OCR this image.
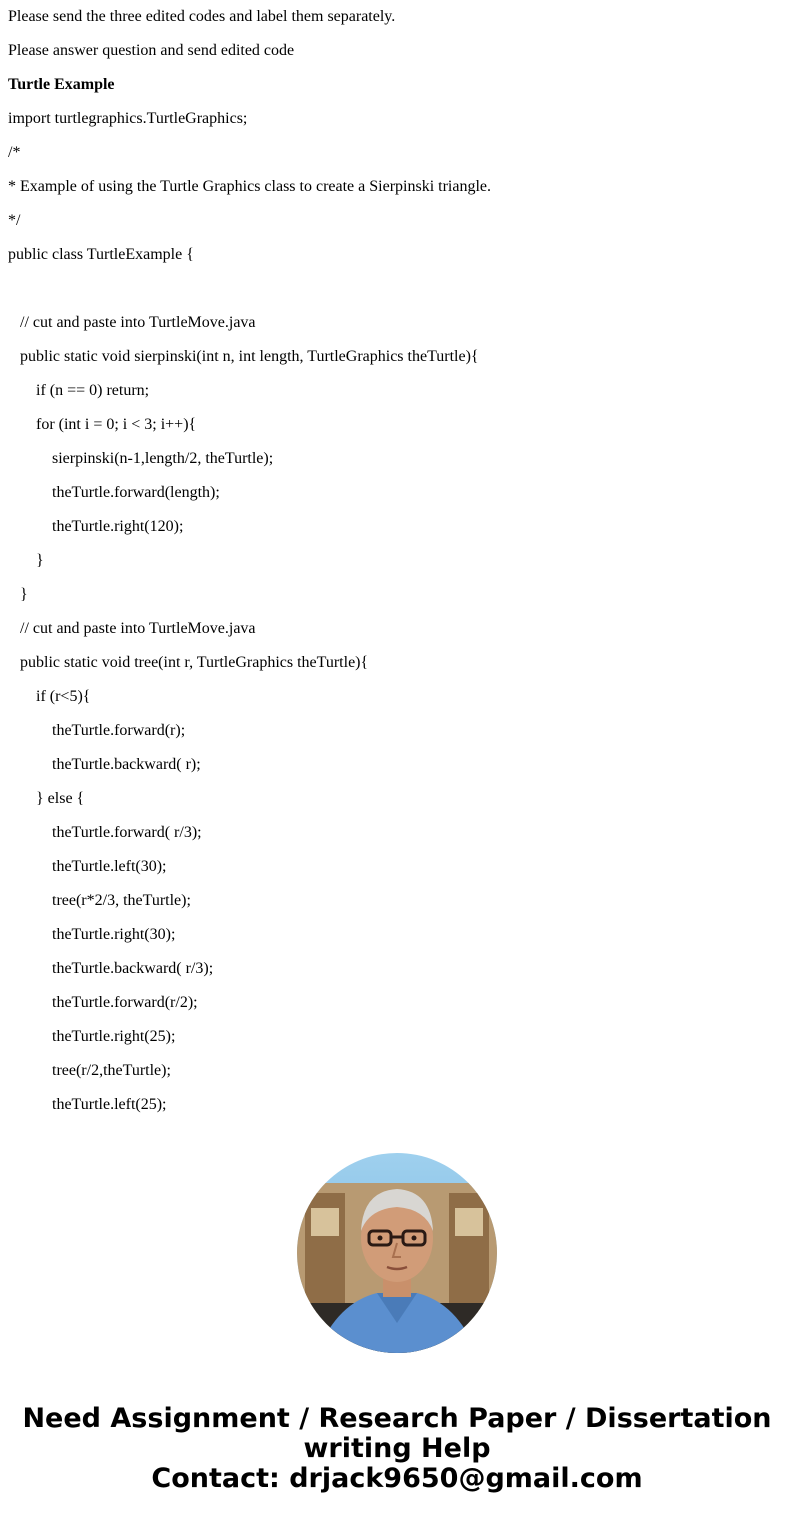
Please send the three edited codes and label them separately.
Please answer question and send edited code
Turtle Example
import turtlegraphics.TurtleGraphics;
/*
* Example of using the Turtle Graphics class to create a Sierpinski triangle.
*/
public class TurtleExample {
// cut and paste into TurtleMove.java
public static void sierpinski(int n, int length, TurtleGraphics theTurtle){
if (n == 0) return;
for (int i = 0; i < 3; i++){
sierpinski(n-1,length/2, theTurtle);
theTurtle.forward(length);
theTurtle.right(120);
}
}
// cut and paste into TurtleMove.java
public static void tree(int r, TurtleGraphics theTurtle){
if (r<5){
theTurtle.forward(r);
theTurtle.backward( r);
} else {
theTurtle.forward( r/3);
theTurtle.left(30);
tree(r*2/3, theTurtle);
theTurtle.right(30);
theTurtle.backward( r/3);
theTurtle.forward(r/2);
theTurtle.right(25);
tree(r/2,theTurtle);
theTurtle.left(25);
Need Assignment / Research Paper / Dissertation
writing Help
Contact: drjack9650@gmail.com
